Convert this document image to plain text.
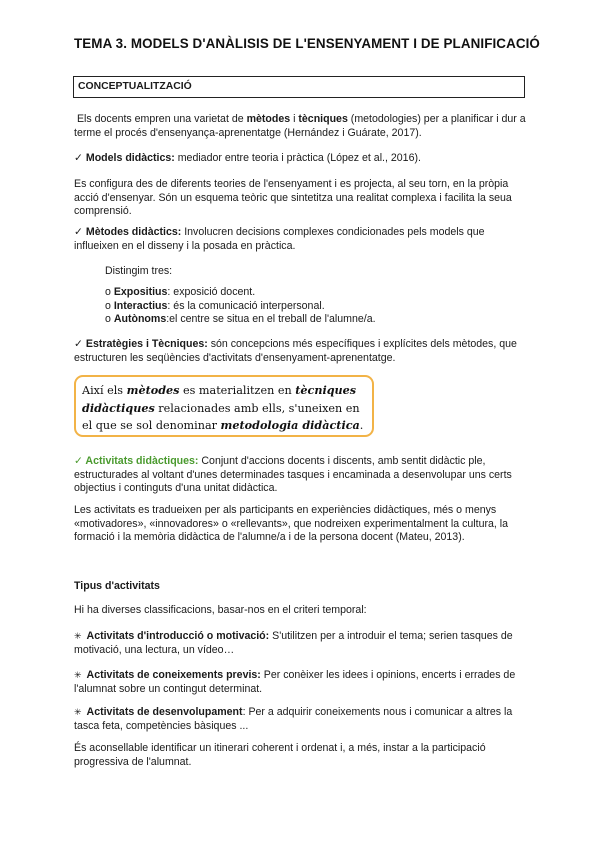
TEMA 3. MODELS D'ANÀLISIS DE L'ENSENYAMENT I DE PLANIFICACIÓ
CONCEPTUALITZACIÓ
Els docents empren una varietat de mètodes i tècniques (metodologies) per a planificar i dur a terme el procés d'ensenyança-aprenentatge (Hernández i Guárate, 2017).
✓ Models didàctics: mediador entre teoria i pràctica (López et al., 2016).
Es configura des de diferents teories de l'ensenyament i es projecta, al seu torn, en la pròpia acció d'ensenyar. Són un esquema teòric que sintetitza una realitat complexa i facilita la seua comprensió.
✓ Mètodes didàctics: Involucren decisions complexes condicionades pels models que influeixen en el disseny i la posada en pràctica.
Distingim tres:
o Expositius: exposició docent.
o Interactius: és la comunicació interpersonal.
o Autònoms:el centre se situa en el treball de l'alumne/a.
✓ Estratègies i Tècniques: són concepcions més específiques i explícites dels mètodes, que estructuren les seqüències d'activitats d'ensenyament-aprenentatge.
Així els mètodes es materialitzen en tècniques didàctiques relacionades amb ells, s'uneixen en el que se sol denominar metodologia didàctica.
✓ Activitats didàctiques: Conjunt d'accions docents i discents, amb sentit didàctic ple, estructurades al voltant d'unes determinades tasques i encaminada a desenvolupar uns certs objectius i continguts d'una unitat didàctica.
Les activitats es tradueixen per als participants en experiències didàctiques, més o menys «motivadores», «innovadores» o «rellevants», que nodreixen experimentalment la cultura, la formació i la memòria didàctica de l'alumne/a i de la persona docent (Mateu, 2013).
Tipus d'activitats
Hi ha diverses classificacions, basar-nos en el criteri temporal:
✳ Activitats d'introducció o motivació: S'utilitzen per a introduir el tema; serien tasques de motivació, una lectura, un vídeo…
✳ Activitats de coneixements previs: Per conèixer les idees i opinions, encerts i errades de l'alumnat sobre un contingut determinat.
✳ Activitats de desenvolupament: Per a adquirir coneixements nous i comunicar a altres la tasca feta, competències bàsiques ...
És aconsellable identificar un itinerari coherent i ordenat i, a més, instar a la participació progressiva de l'alumnat.
